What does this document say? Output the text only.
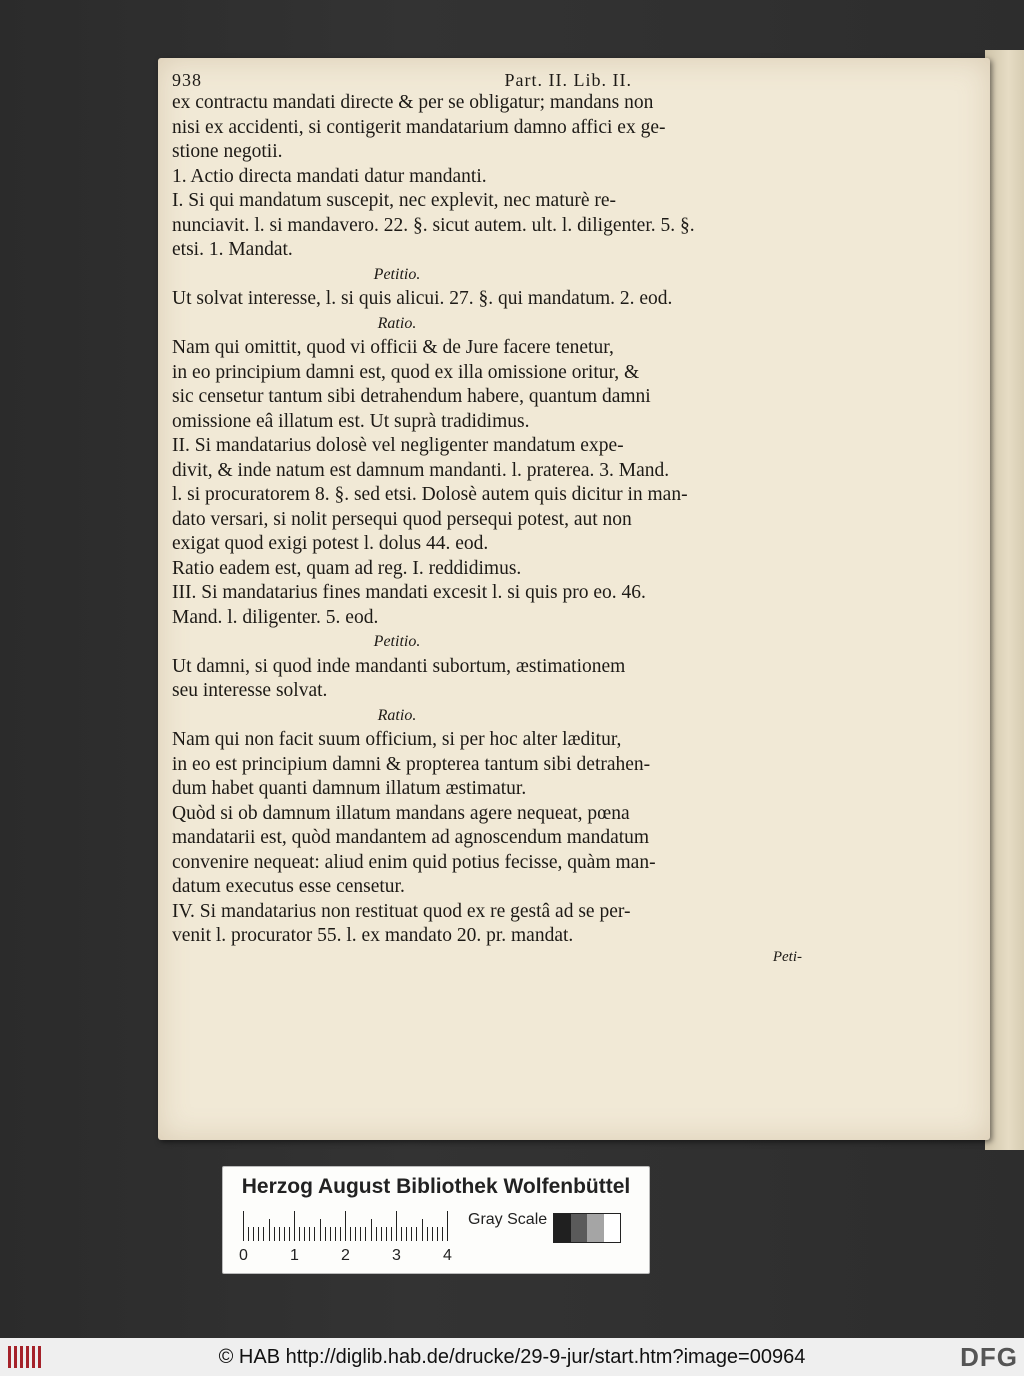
938	Part. II. Lib. II.
ex contractu mandati directe & per se obligatur; mandans non
nisi ex accidenti, si contigerit mandatarium damno affici ex ge-
stione negotii.
1. Actio directa mandati datur mandanti.
I. Si qui mandatum suscepit, nec explevit, nec maturè re-
nunciavit. l. si mandavero. 22. §. sicut autem. ult. l. diligenter. 5. §.
etsi. 1. Mandat.
Petitio.
Ut solvat interesse, l. si quis alicui. 27. §. qui mandatum. 2. eod.
Ratio.
Nam qui omittit, quod vi officii & de Jure facere tenetur,
in eo principium damni est, quod ex illa omissione oritur, &
sic censetur tantum sibi detrahendum habere, quantum damni
omissione eâ illatum est. Ut suprà tradidimus.
II. Si mandatarius dolosè vel negligenter mandatum expe-
divit, & inde natum est damnum mandanti. l. praterea. 3. Mand.
l. si procuratorem 8. §. sed etsi. Dolosè autem quis dicitur in man-
dato versari, si nolit persequi quod persequi potest, aut non
exigat quod exigi potest l. dolus 44. eod.
Ratio eadem est, quam ad reg. I. reddidimus.
III. Si mandatarius fines mandati excesit l. si quis pro eo. 46.
Mand. l. diligenter. 5. eod.
Petitio.
Ut damni, si quod inde mandanti subortum, æstimationem
seu interesse solvat.
Ratio.
Nam qui non facit suum officium, si per hoc alter læditur,
in eo est principium damni & propterea tantum sibi detrahen-
dum habet quanti damnum illatum æstimatur.
Quòd si ob damnum illatum mandans agere nequeat, pœna
mandatarii est, quòd mandantem ad agnoscendum mandatum
convenire nequeat: aliud enim quid potius fecisse, quàm man-
datum executus esse censetur.
IV. Si mandatarius non restituat quod ex re gestâ ad se per-
venit l. procurator 55. l. ex mandato 20. pr. mandat.
Peti-
Herzog August Bibliothek Wolfenbüttel
Gray Scale
0	1	2	3	4
© HAB http://diglib.hab.de/drucke/29-9-jur/start.htm?image=00964	DFG
